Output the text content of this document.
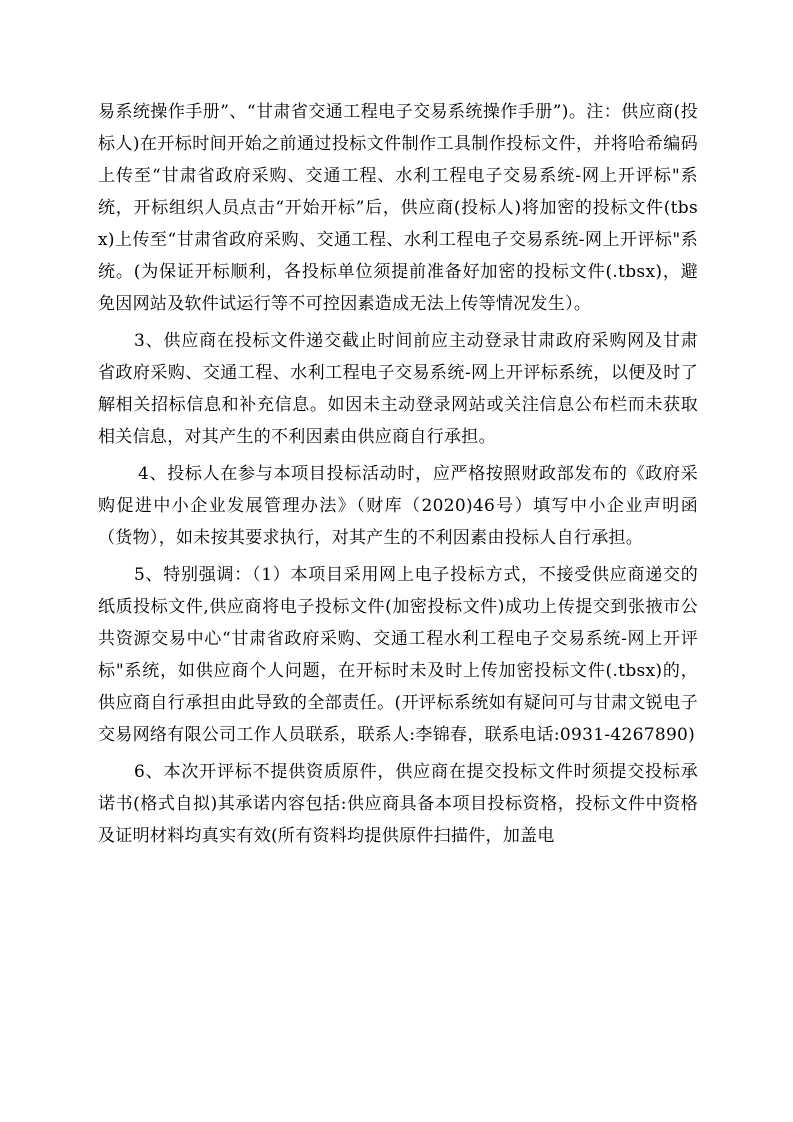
易系统操作手册”、“甘肃省交通工程电子交易系统操作手册”)。注：供应商(投标人)在开标时间开始之前通过投标文件制作工具制作投标文件，并将哈希编码上传至“甘肃省政府采购、交通工程、水利工程电子交易系统-网上开评标"系统，开标组织人员点击“开始开标”后，供应商(投标人)将加密的投标文件(tbsx)上传至“甘肃省政府采购、交通工程、水利工程电子交易系统-网上开评标"系统。(为保证开标顺利，各投标单位须提前准备好加密的投标文件(.tbsx)，避免因网站及软件试运行等不可控因素造成无法上传等情况发生）。

3、供应商在投标文件递交截止时间前应主动登录甘肃政府采购网及甘肃省政府采购、交通工程、水利工程电子交易系统-网上开评标系统，以便及时了解相关招标信息和补充信息。如因未主动登录网站或关注信息公布栏而未获取相关信息，对其产生的不利因素由供应商自行承担。

4、投标人在参与本项目投标活动时，应严格按照财政部发布的《政府采购促进中小企业发展管理办法》（财库（2020)46号）填写中小企业声明函（货物），如未按其要求执行，对其产生的不利因素由投标人自行承担。

5、特别强调：（1）本项目采用网上电子投标方式，不接受供应商递交的纸质投标文件,供应商将电子投标文件(加密投标文件)成功上传提交到张掖市公共资源交易中心“甘肃省政府采购、交通工程水利工程电子交易系统-网上开评标"系统，如供应商个人问题，在开标时未及时上传加密投标文件(.tbsx)的，供应商自行承担由此导致的全部责任。(开评标系统如有疑问可与甘肃文锐电子交易网络有限公司工作人员联系，联系人:李锦春，联系电话:0931-4267890)

6、本次开评标不提供资质原件，供应商在提交投标文件时须提交投标承诺书(格式自拟)其承诺内容包括:供应商具备本项目投标资格，投标文件中资格及证明材料均真实有效(所有资料均提供原件扫描件，加盖电
